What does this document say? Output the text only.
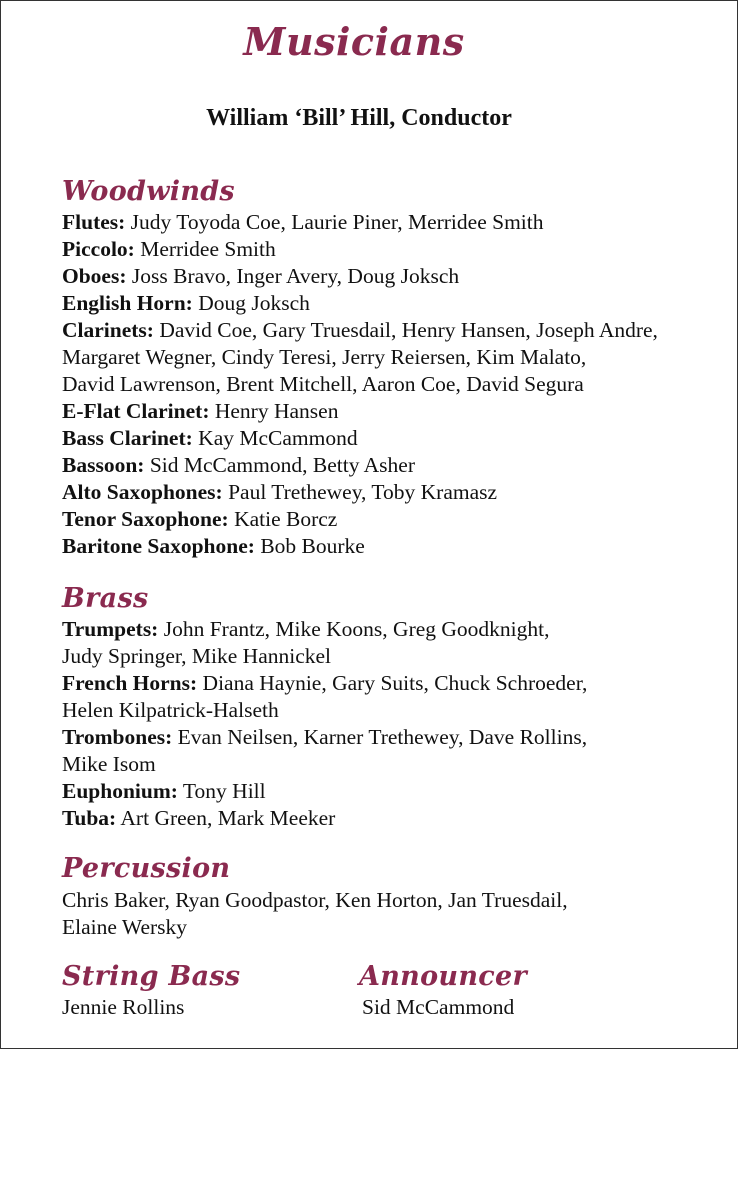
Musicians
William ‘Bill’ Hill, Conductor
Woodwinds
Flutes: Judy Toyoda Coe, Laurie Piner, Merridee Smith
Piccolo: Merridee Smith
Oboes: Joss Bravo, Inger Avery, Doug Joksch
English Horn: Doug Joksch
Clarinets: David Coe, Gary Truesdail, Henry Hansen, Joseph Andre,
Margaret Wegner, Cindy Teresi, Jerry Reiersen, Kim Malato,
David Lawrenson, Brent Mitchell, Aaron Coe, David Segura
E-Flat Clarinet: Henry Hansen
Bass Clarinet: Kay McCammond
Bassoon: Sid McCammond, Betty Asher
Alto Saxophones: Paul Trethewey, Toby Kramasz
Tenor Saxophone: Katie Borcz
Baritone Saxophone: Bob Bourke
Brass
Trumpets: John Frantz, Mike Koons, Greg Goodknight,
Judy Springer, Mike Hannickel
French Horns: Diana Haynie, Gary Suits, Chuck Schroeder,
Helen Kilpatrick-Halseth
Trombones: Evan Neilsen, Karner Trethewey, Dave Rollins,
Mike Isom
Euphonium: Tony Hill
Tuba: Art Green, Mark Meeker
Percussion
Chris Baker, Ryan Goodpastor, Ken Horton, Jan Truesdail,
Elaine Wersky
String Bass
Jennie Rollins
Announcer
Sid McCammond
